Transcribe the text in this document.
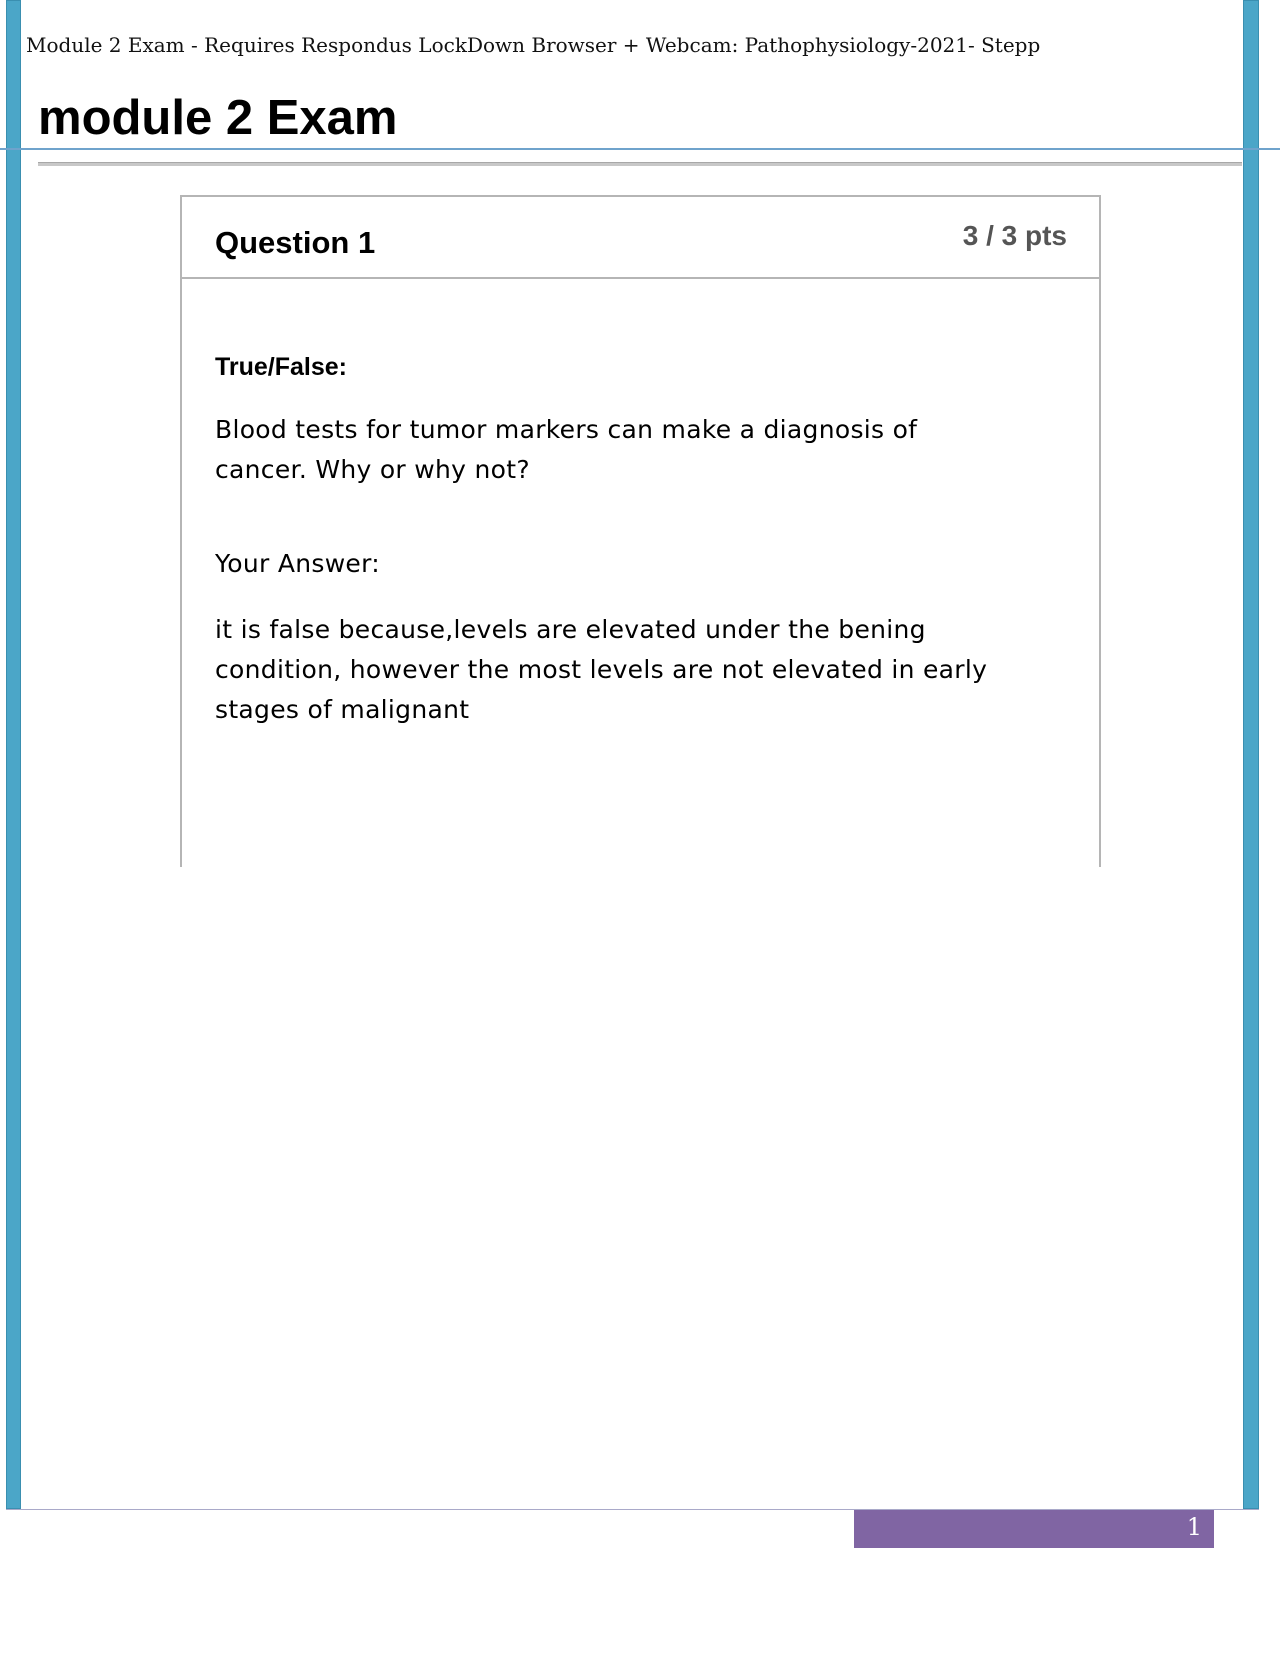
Module 2 Exam - Requires Respondus LockDown Browser + Webcam: Pathophysiology-2021- Stepp
module 2 Exam
Question 1	3 / 3 pts
True/False:

Blood tests for tumor markers can make a diagnosis of cancer. Why or why not?

Your Answer:

it is false because,levels are elevated under the bening condition, however the most levels are not elevated in early stages of malignant

1
